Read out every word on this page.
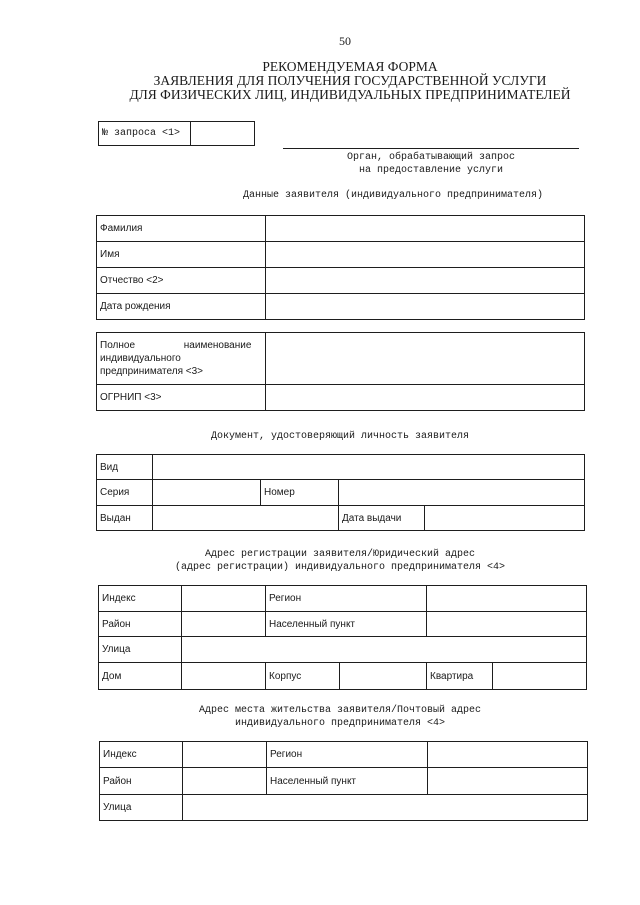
50
РЕКОМЕНДУЕМАЯ ФОРМА
ЗАЯВЛЕНИЯ ДЛЯ ПОЛУЧЕНИЯ ГОСУДАРСТВЕННОЙ УСЛУГИ
ДЛЯ ФИЗИЧЕСКИХ ЛИЦ, ИНДИВИДУАЛЬНЫХ ПРЕДПРИНИМАТЕЛЕЙ
№ запроса <1>	
Орган, обрабатывающий запрос
на предоставление услуги
Данные заявителя (индивидуального предпринимателя)
Фамилия	
Имя	
Отчество <2>	
Дата рождения	
Полное наименование
индивидуального
предпринимателя <3>	

ОГРНИП <3>	
Документ, удостоверяющий личность заявителя
Вид				
Серия		Номер		
Выдан			Дата выдачи	
Адрес регистрации заявителя/Юридический адрес
(адрес регистрации) индивидуального предпринимателя <4>
Индекс		Регион			
Район		Населенный пункт			
Улица					
Дом		Корпус		Квартира	
Адрес места жительства заявителя/Почтовый адрес
индивидуального предпринимателя <4>
Индекс		Регион	
Район		Населенный пункт	
Улица			
